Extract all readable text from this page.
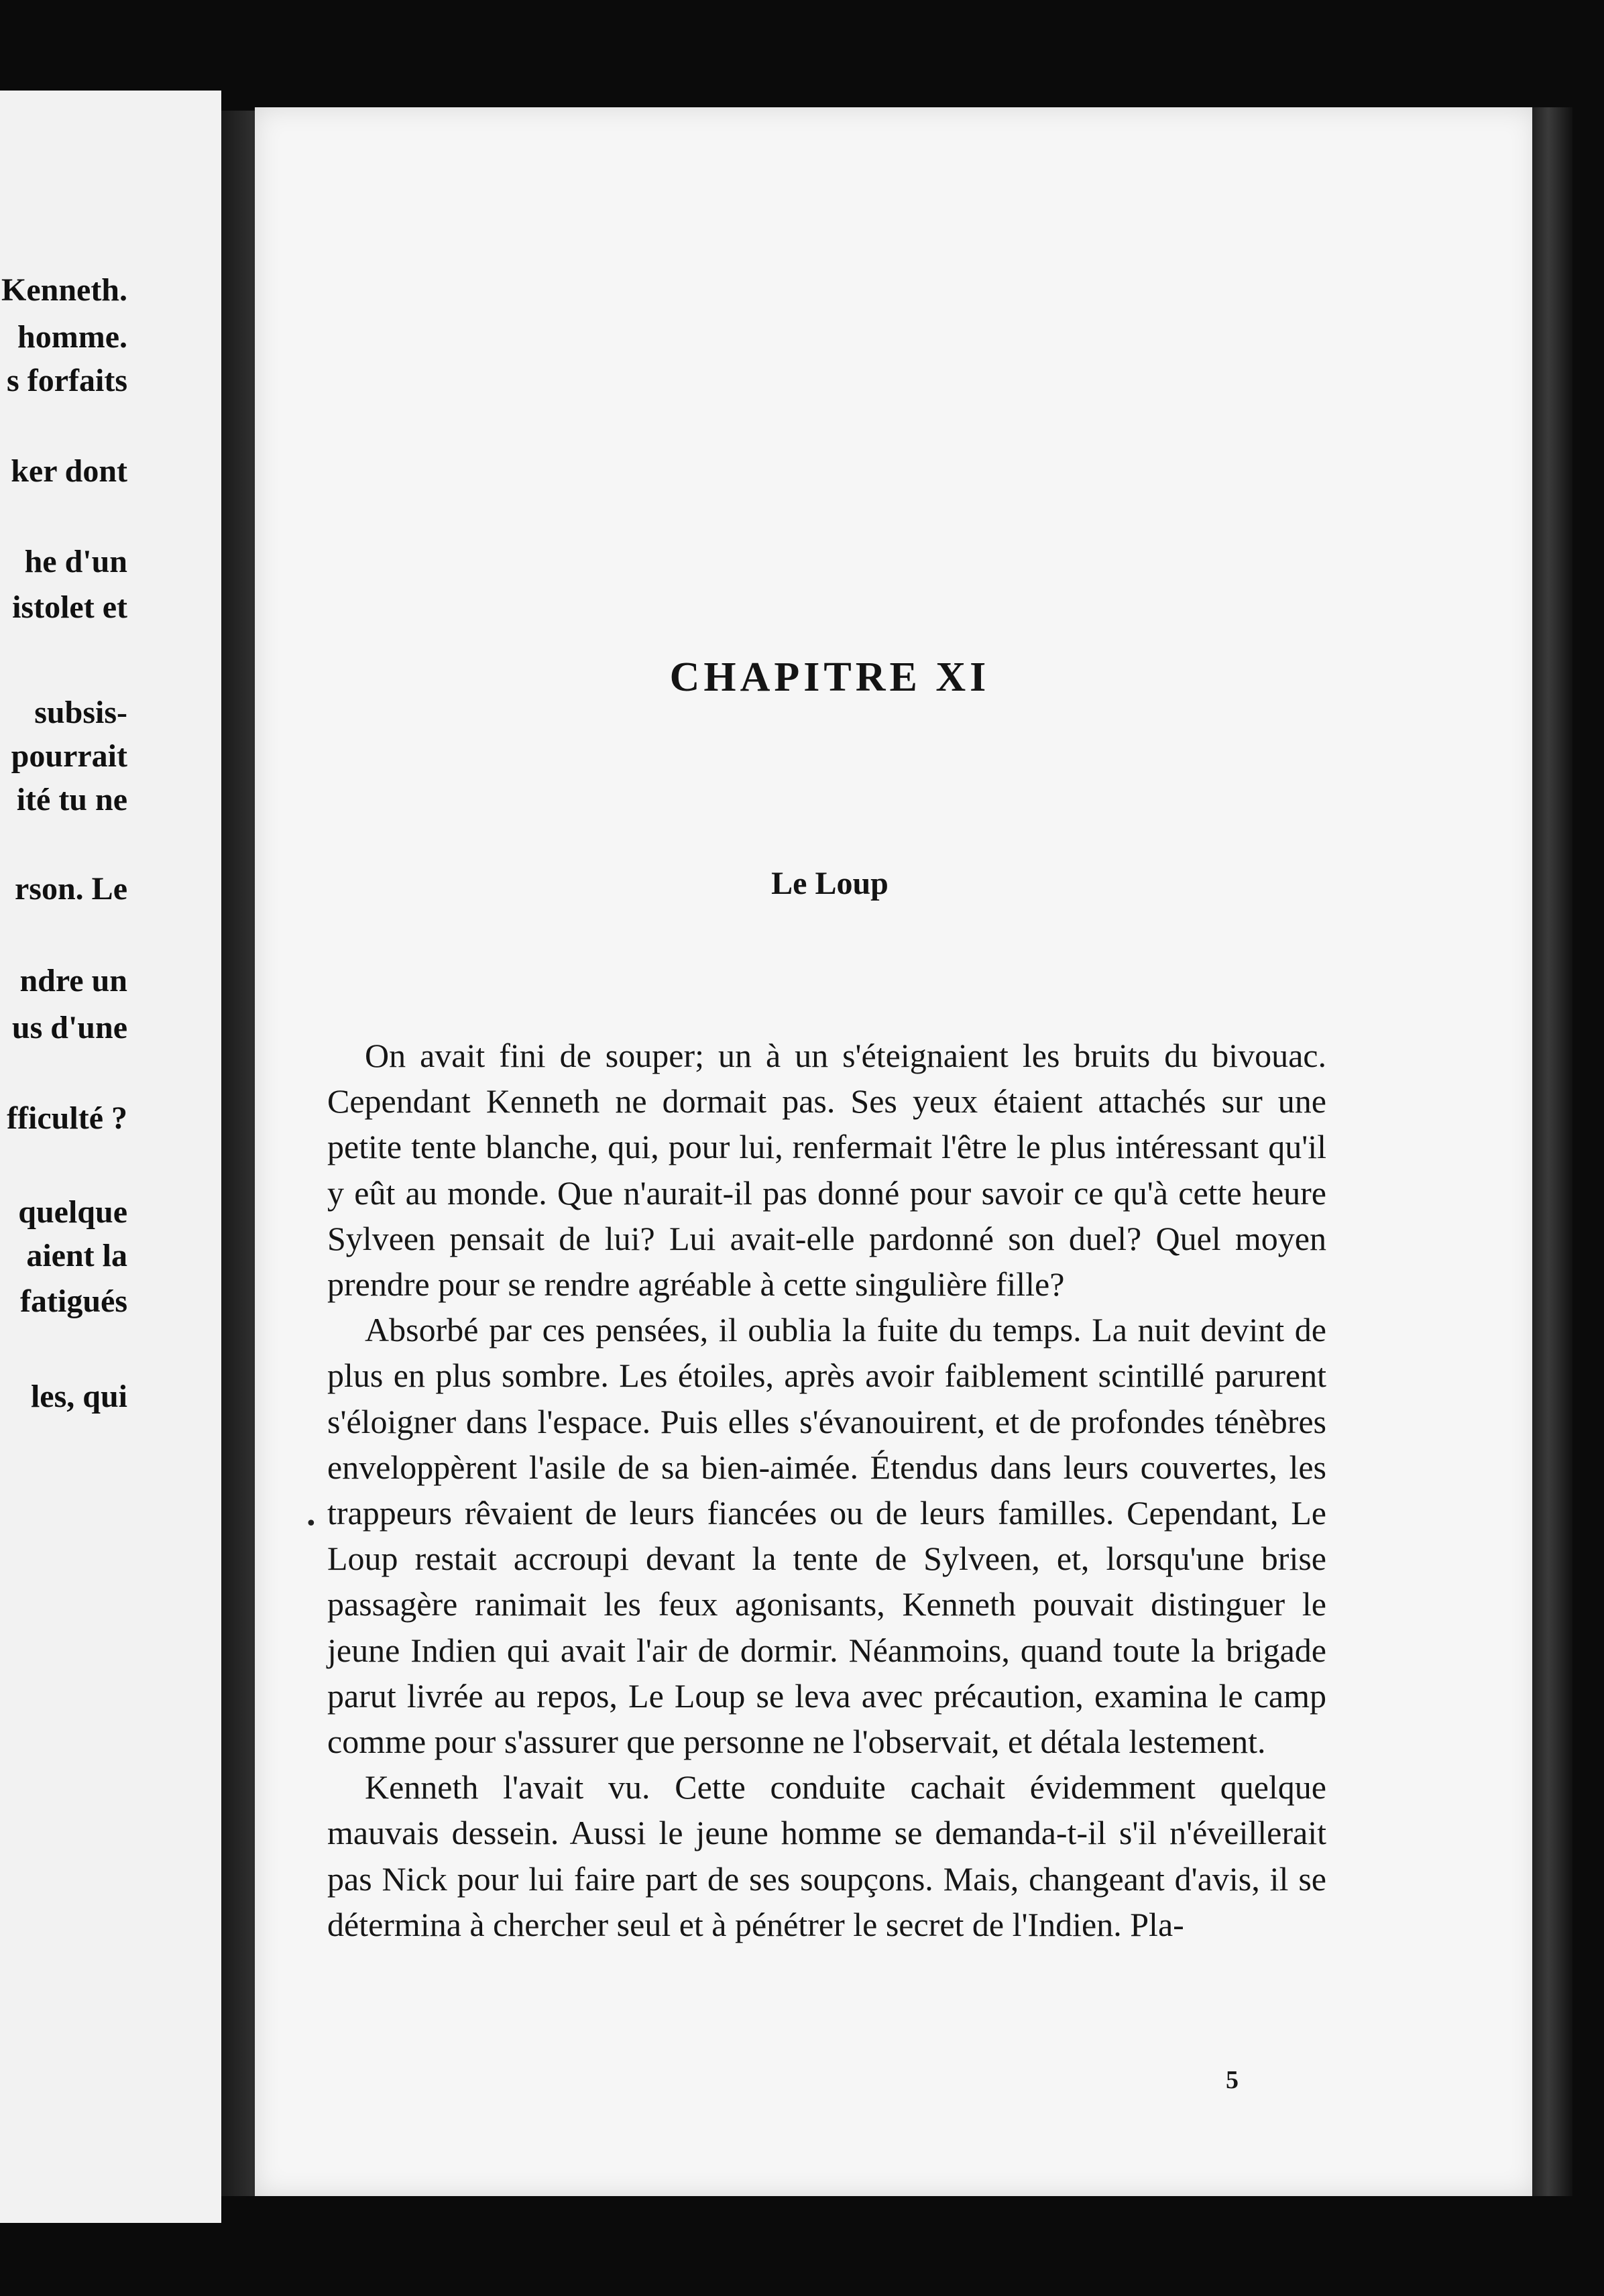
Kenneth.
homme.
s forfaits
ker dont
he d'un
istolet et
subsis-
pourrait
ité tu ne
rson. Le
ndre un
us d'une
fficulté ?
quelque
aient la
fatigués
les, qui
CHAPITRE XI
Le Loup

On avait fini de souper; un à un s'éteignaient les bruits du bivouac. Cependant Kenneth ne dormait pas. Ses yeux étaient attachés sur une petite tente blanche, qui, pour lui, renfermait l'être le plus intéressant qu'il y eût au monde. Que n'aurait-il pas donné pour savoir ce qu'à cette heure Sylveen pensait de lui? Lui avait-elle pardonné son duel? Quel moyen prendre pour se rendre agréable à cette singulière fille?

Absorbé par ces pensées, il oublia la fuite du temps. La nuit devint de plus en plus sombre. Les étoiles, après avoir faiblement scintillé parurent s'éloigner dans l'espace. Puis elles s'évanouirent, et de profondes ténèbres enveloppèrent l'asile de sa bien-aimée. Étendus dans leurs couvertes, les trappeurs rêvaient de leurs fiancées ou de leurs familles. Cependant, Le Loup restait accroupi devant la tente de Sylveen, et, lorsqu'une brise passagère ranimait les feux agonisants, Kenneth pouvait distinguer le jeune Indien qui avait l'air de dormir. Néanmoins, quand toute la brigade parut livrée au repos, Le Loup se leva avec précaution, examina le camp comme pour s'assurer que personne ne l'observait, et détala lestement.

Kenneth l'avait vu. Cette conduite cachait évidemment quelque mauvais dessein. Aussi le jeune homme se demanda-t-il s'il n'éveillerait pas Nick pour lui faire part de ses soupçons. Mais, changeant d'avis, il se détermina à chercher seul et à pénétrer le secret de l'Indien. Pla-

•
5
